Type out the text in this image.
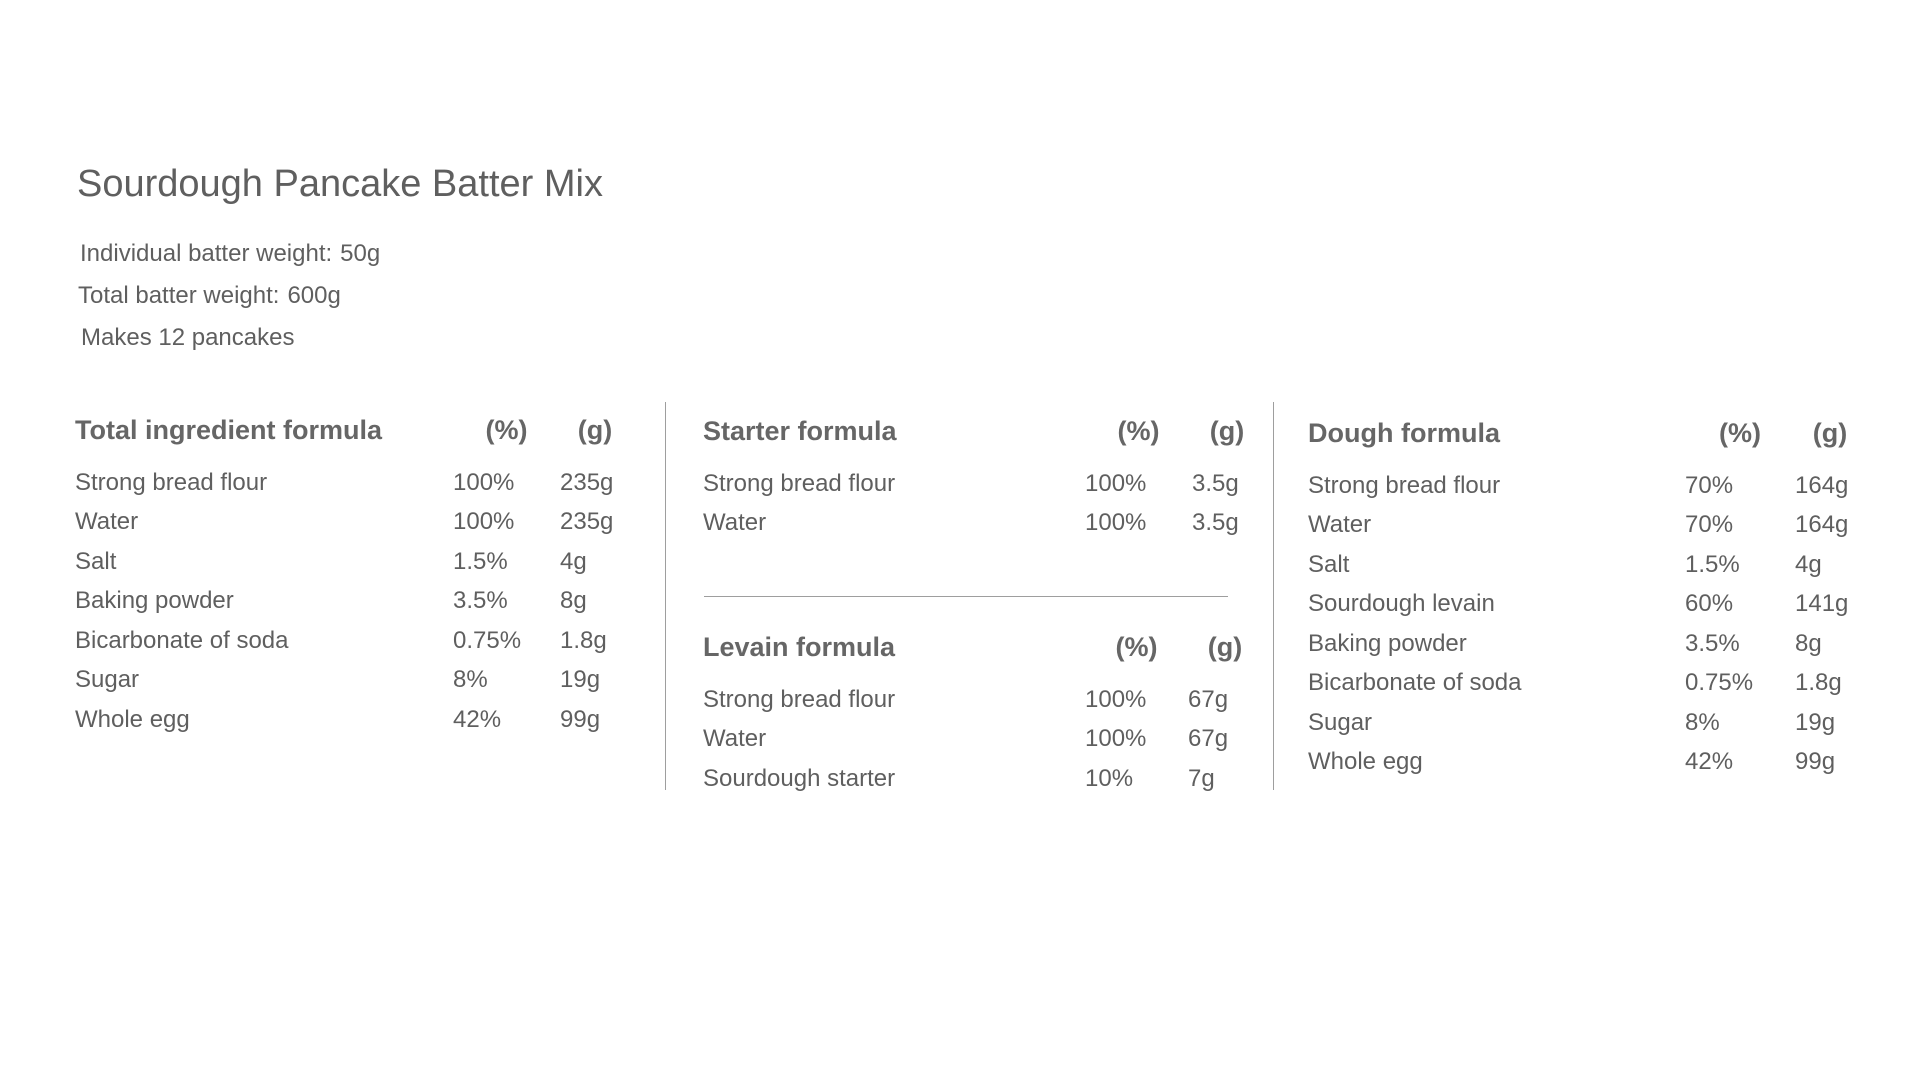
Sourdough Pancake Batter Mix
Individual batter weight: 50g
Total batter weight: 600g
Makes 12 pancakes
Total ingredient formula	(%)	(g)
Strong bread flour	100%	235g
Water	100%	235g
Salt	1.5%	4g
Baking powder	3.5%	8g
Bicarbonate of soda	0.75%	1.8g
Sugar	8%	19g
Whole egg	42%	99g
Starter formula	(%)	(g)
Strong bread flour	100%	3.5g
Water	100%	3.5g
Levain formula	(%)	(g)
Strong bread flour	100%	67g
Water	100%	67g
Sourdough starter	10%	7g
Dough formula	(%)	(g)
Strong bread flour	70%	164g
Water	70%	164g
Salt	1.5%	4g
Sourdough levain	60%	141g
Baking powder	3.5%	8g
Bicarbonate of soda	0.75%	1.8g
Sugar	8%	19g
Whole egg	42%	99g
